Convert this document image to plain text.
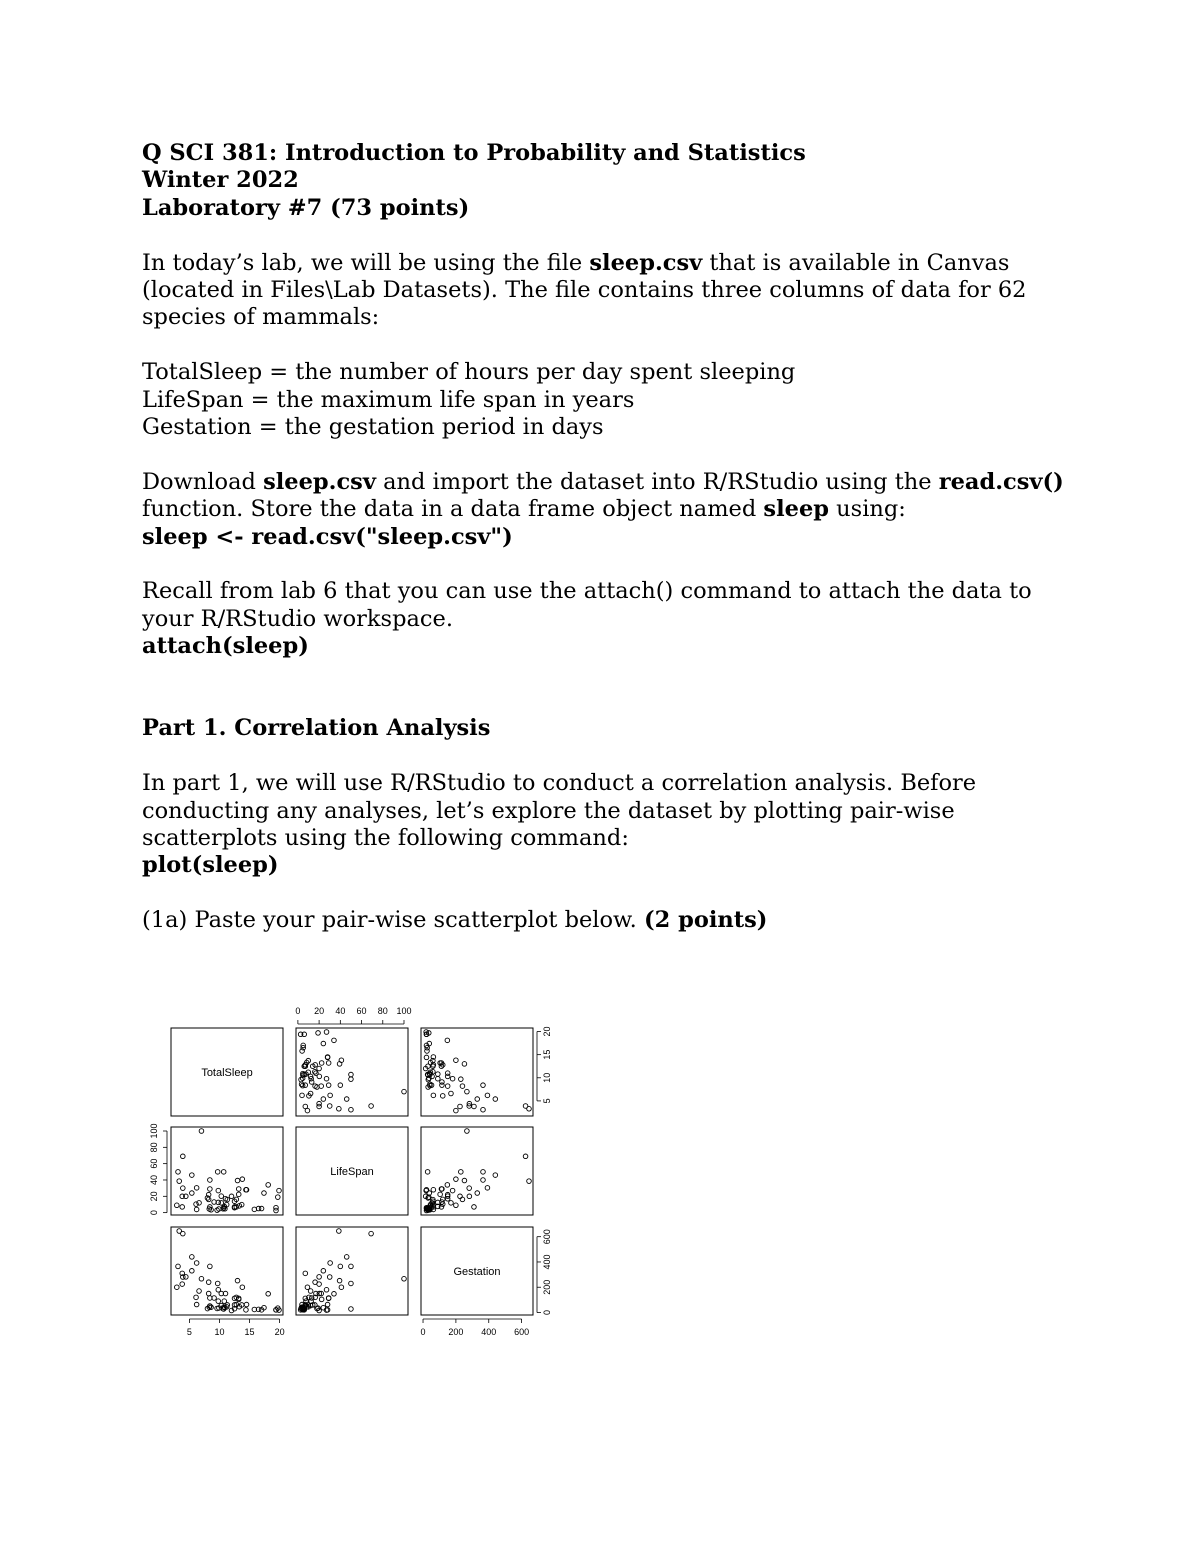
Q SCI 381: Introduction to Probability and Statistics

Winter 2022

Laboratory #7 (73 points)

In today’s lab, we will be using the file sleep.csv that is available in Canvas (located in Files\Lab Datasets). The file contains three columns of data for 62 species of mammals:

TotalSleep = the number of hours per day spent sleeping

LifeSpan = the maximum life span in years

Gestation = the gestation period in days

Download sleep.csv and import the dataset into R/RStudio using the read.csv() function. Store the data in a data frame object named sleep using:

sleep <- read.csv("sleep.csv")

Recall from lab 6 that you can use the attach() command to attach the data to your R/RStudio workspace.

attach(sleep)

Part 1. Correlation Analysis

In part 1, we will use R/RStudio to conduct a correlation analysis. Before conducting any analyses, let’s explore the dataset by plotting pair-wise scatterplots using the following command:

plot(sleep)

(1a) Paste your pair-wise scatterplot below. (2 points)

TotalSleep
LifeSpan
Gestation
0 20 40 60 80 100
5	10 15 20	0	200 400 600
0
20
40
60
80
100
5
10
15
20
0
200
400
600
